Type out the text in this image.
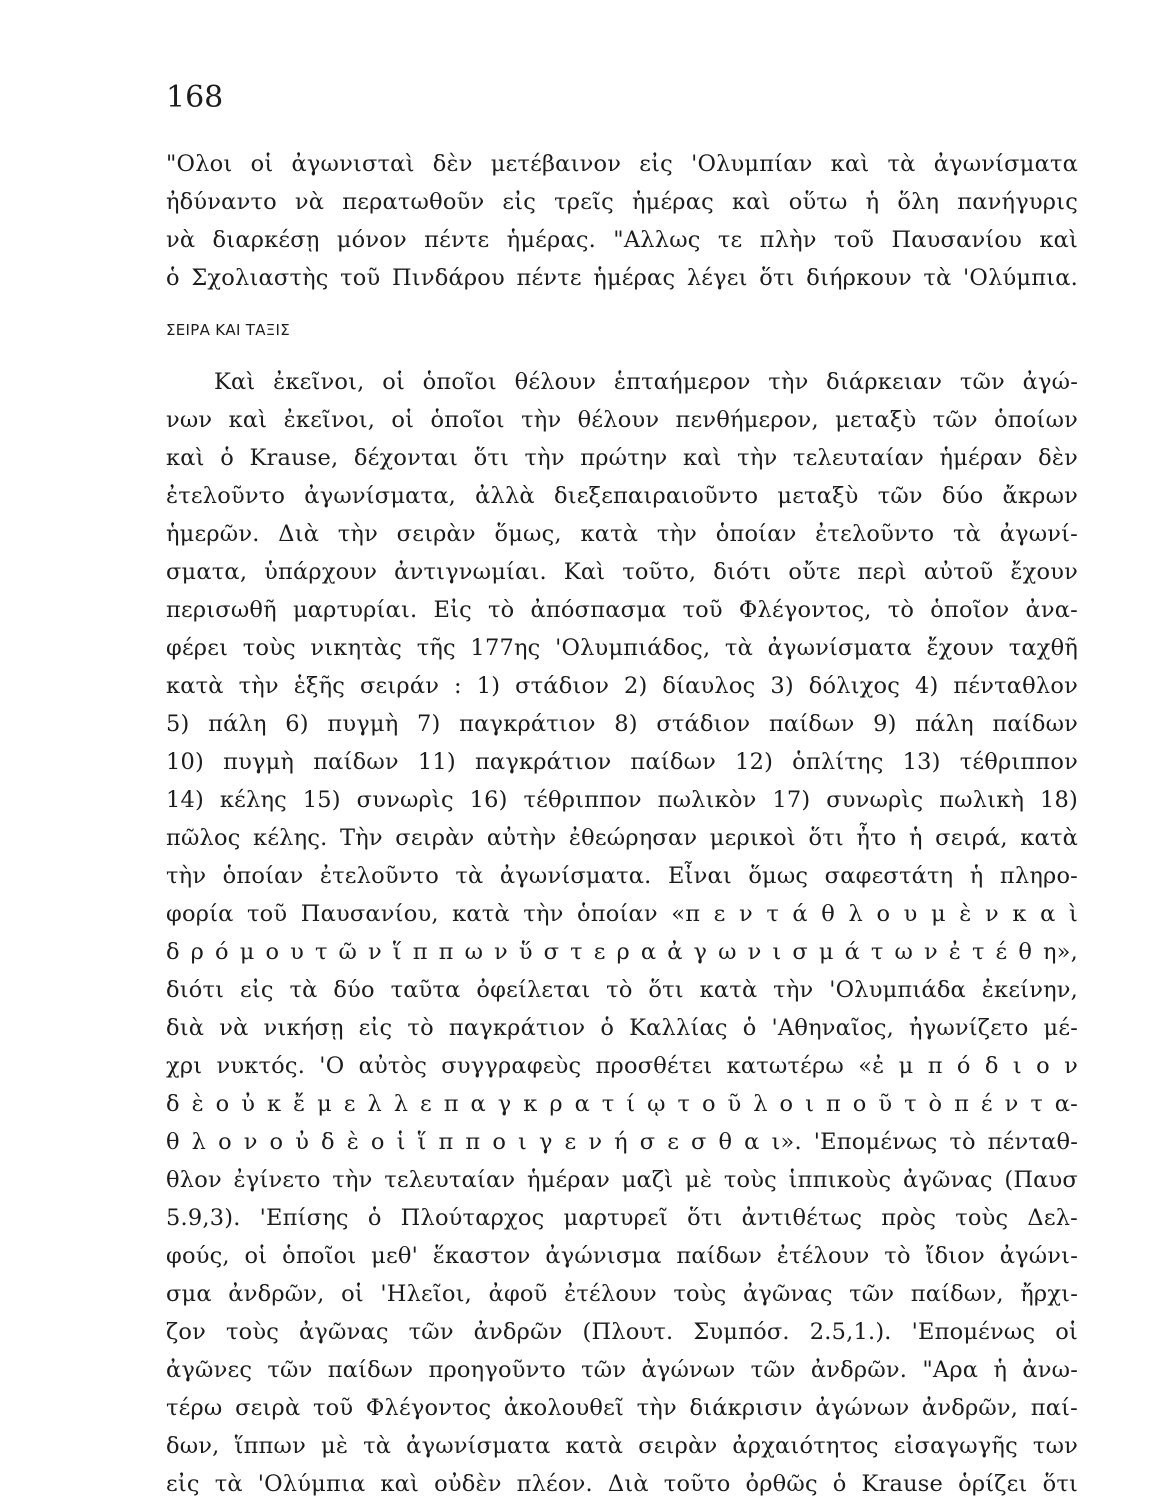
168
"Ολοι οἱ ἀγωνισταὶ δὲν μετέβαινον εἰς 'Ολυμπίαν καὶ τὰ ἀγωνίσματα
ἠδύναντο νὰ περατωθοῦν εἰς τρεῖς ἡμέρας καὶ οὕτω ἡ ὅλη πανήγυρις
νὰ διαρκέσῃ μόνον πέντε ἡμέρας. "Αλλως τε πλὴν τοῦ Παυσανίου καὶ
ὁ Σχολιαστὴς τοῦ Πινδάρου πέντε ἡμέρας λέγει ὅτι διήρκουν τὰ 'Ολύμπια.
ΣΕΙΡΑ ΚΑΙ ΤΑΞΙΣ
Καὶ ἐκεῖνοι, οἱ ὁποῖοι θέλουν ἑπταήμερον τὴν διάρκειαν τῶν ἀγώ-
νων καὶ ἐκεῖνοι, οἱ ὁποῖοι τὴν θέλουν πενθήμερον, μεταξὺ τῶν ὁποίων
καὶ ὁ Krause, δέχονται ὅτι τὴν πρώτην καὶ τὴν τελευταίαν ἡμέραν δὲν
ἐτελοῦντο ἀγωνίσματα, ἀλλὰ διεξεπαιραιοῦντο μεταξὺ τῶν δύο ἄκρων
ἡμερῶν. Διὰ τὴν σειρὰν ὅμως, κατὰ τὴν ὁποίαν ἐτελοῦντο τὰ ἀγωνί-
σματα, ὑπάρχουν ἀντιγνωμίαι. Καὶ τοῦτο, διότι οὔτε περὶ αὐτοῦ ἔχουν
περισωθῆ μαρτυρίαι. Εἰς τὸ ἀπόσπασμα τοῦ Φλέγοντος, τὸ ὁποῖον ἀνα-
φέρει τοὺς νικητὰς τῆς 177ης 'Ολυμπιάδος, τὰ ἀγωνίσματα ἔχουν ταχθῆ
κατὰ τὴν ἑξῆς σειράν : 1) στάδιον 2) δίαυλος 3) δόλιχος 4) πένταθλον
5) πάλη 6) πυγμὴ 7) παγκράτιον 8) στάδιον παίδων 9) πάλη παίδων
10) πυγμὴ παίδων 11) παγκράτιον παίδων 12) ὁπλίτης 13) τέθριππον
14) κέλης 15) συνωρὶς 16) τέθριππον πωλικὸν 17) συνωρὶς πωλικὴ 18)
πῶλος κέλης. Τὴν σειρὰν αὐτὴν ἐθεώρησαν μερικοὶ ὅτι ἦτο ἡ σειρά, κατὰ
τὴν ὁποίαν ἐτελοῦντο τὰ ἀγωνίσματα. Εἶναι ὅμως σαφεστάτη ἡ πληρο-
φορία τοῦ Παυσανίου, κατὰ τὴν ὁποίαν «π ε ν τ ά θ λ ο υ μ ὲ ν κ α ὶ
δ ρ ό μ ο υ τ ῶ ν ἵ π π ω ν ὕ σ τ ε ρ α ἀ γ ω ν ι σ μ ά τ ω ν ἐ τ έ θ η»,
διότι εἰς τὰ δύο ταῦτα ὀφείλεται τὸ ὅτι κατὰ τὴν 'Ολυμπιάδα ἐκείνην,
διὰ νὰ νικήσῃ εἰς τὸ παγκράτιον ὁ Καλλίας ὁ 'Αθηναῖος, ἠγωνίζετο μέ-
χρι νυκτός. 'Ο αὐτὸς συγγραφεὺς προσθέτει κατωτέρω «ἐ μ π ό δ ι ο ν
δ ὲ ο ὐ κ ἔ μ ε λ λ ε π α γ κ ρ α τ ί ῳ τ ο ῦ λ ο ι π ο ῦ τ ὸ π έ ν τ α-
θ λ ο ν ο ὐ δ ὲ ο ἱ ἵ π π ο ι γ ε ν ή σ ε σ θ α ι». 'Επομένως τὸ πένταθ-
θλον ἐγίνετο τὴν τελευταίαν ἡμέραν μαζὶ μὲ τοὺς ἱππικοὺς ἀγῶνας (Παυσ
5.9,3). 'Επίσης ὁ Πλούταρχος μαρτυρεῖ ὅτι ἀντιθέτως πρὸς τοὺς Δελ-
φούς, οἱ ὁποῖοι μεθ' ἕκαστον ἀγώνισμα παίδων ἐτέλουν τὸ ἴδιον ἀγώνι-
σμα ἀνδρῶν, οἱ 'Ηλεῖοι, ἀφοῦ ἐτέλουν τοὺς ἀγῶνας τῶν παίδων, ἤρχι-
ζον τοὺς ἀγῶνας τῶν ἀνδρῶν (Πλουτ. Συμπόσ. 2.5,1.). 'Επομένως οἱ
ἀγῶνες τῶν παίδων προηγοῦντο τῶν ἀγώνων τῶν ἀνδρῶν. "Αρα ἡ ἀνω-
τέρω σειρὰ τοῦ Φλέγοντος ἀκολουθεῖ τὴν διάκρισιν ἀγώνων ἀνδρῶν, παί-
δων, ἵππων μὲ τὰ ἀγωνίσματα κατὰ σειρὰν ἀρχαιότητος εἰσαγωγῆς των
εἰς τὰ 'Ολύμπια καὶ οὐδὲν πλέον. Διὰ τοῦτο ὀρθῶς ὁ Krause ὁρίζει ὅτι
